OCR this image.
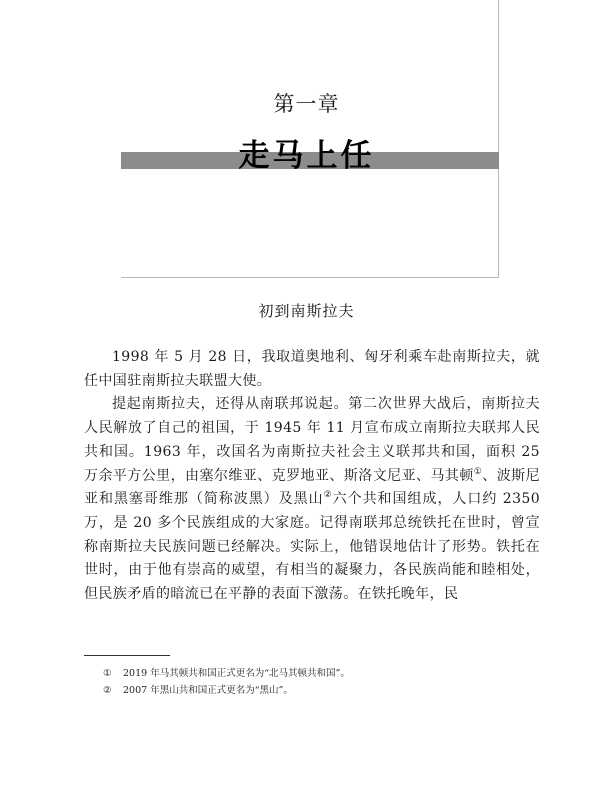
第一章
走马上任
初到南斯拉夫

1998 年 5 月 28 日，我取道奥地利、匈牙利乘车赴南斯拉夫，就任中国驻南斯拉夫联盟大使。

提起南斯拉夫，还得从南联邦说起。第二次世界大战后，南斯拉夫人民解放了自己的祖国，于 1945 年 11 月宣布成立南斯拉夫联邦人民共和国。1963 年，改国名为南斯拉夫社会主义联邦共和国，面积 25 万余平方公里，由塞尔维亚、克罗地亚、斯洛文尼亚、马其顿①、波斯尼亚和黑塞哥维那（简称波黑）及黑山②六个共和国组成，人口约 2350 万，是 20 多个民族组成的大家庭。记得南联邦总统铁托在世时，曾宣称南斯拉夫民族问题已经解决。实际上，他错误地估计了形势。铁托在世时，由于他有崇高的威望，有相当的凝聚力，各民族尚能和睦相处，但民族矛盾的暗流已在平静的表面下激荡。在铁托晚年，民

① 2019 年马其顿共和国正式更名为“北马其顿共和国”。
② 2007 年黑山共和国正式更名为“黑山”。
